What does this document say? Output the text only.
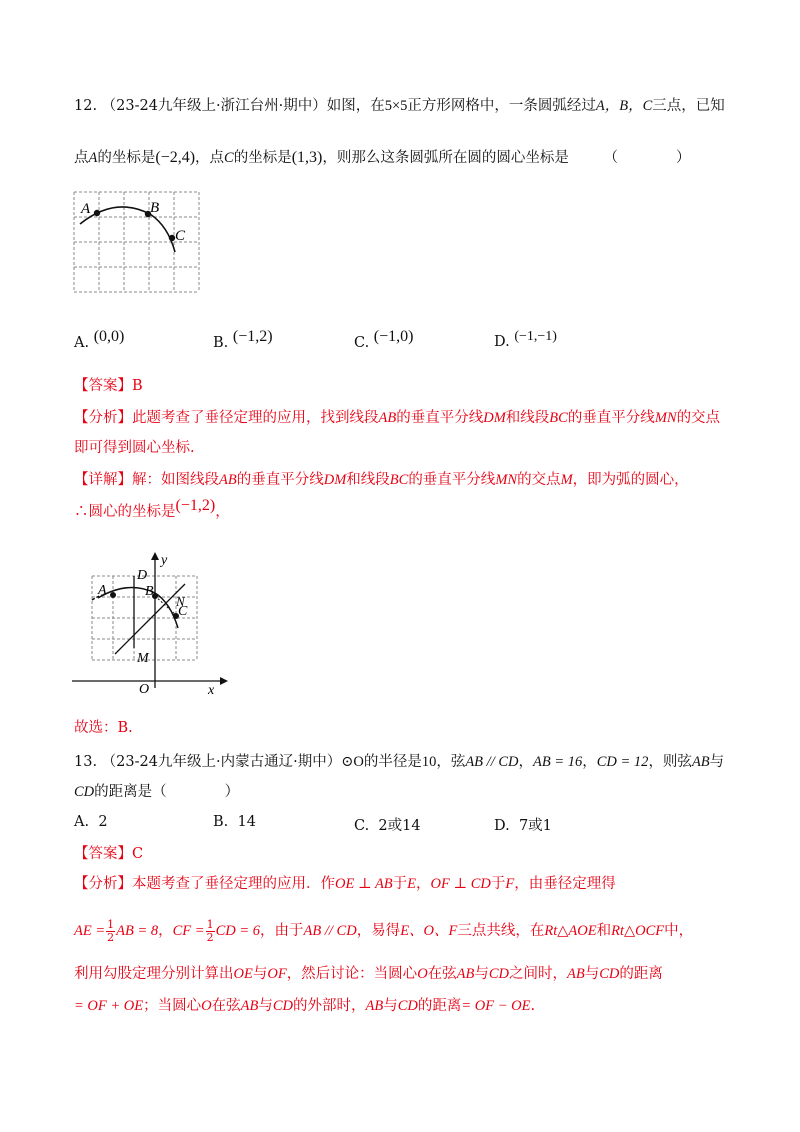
12. （23-24九年级上·浙江台州·期中）如图，在5×5正方形网格中，一条圆弧经过A，B，C三点，已知
点A的坐标是(−2,4)，点C的坐标是(1,3)，则那么这条圆弧所在圆的圆心坐标是 （　　　　）
A	B
C
A. (0,0)	B. (−1,2)	C. (−1,0)	D. (−1,−1)
【答案】B
【分析】此题考查了垂径定理的应用，找到线段AB的垂直平分线DM和线段BC的垂直平分线MN的交点
即可得到圆心坐标.
【详解】解：如图线段AB的垂直平分线DM和线段BC的垂直平分线MN的交点M，即为弧的圆心，
∴圆心的坐标是(−1,2)，
A	B
C
D
M
N
O	x
y
故选：B.
13. （23-24九年级上·内蒙古通辽·期中）⊙O的半径是10，弦AB // CD，AB = 16，CD = 12，则弦AB与
CD的距离是（　　　　）
A. 2	B. 14	C. 2或14	D. 7或1
【答案】C
【分析】本题考查了垂径定理的应用．作OE ⊥ AB于E，OF ⊥ CD于F，由垂径定理得
AE = $\frac{1}{2}$ AB = 8，CF = $\frac{1}{2}$ CD = 6，由于AB // CD，易得E、O、F三点共线，在Rt△AOE和Rt△OCF中，
利用勾股定理分别计算出OE与OF，然后讨论：当圆心O在弦AB与CD之间时，AB与CD的距离
= OF + OE；当圆心O在弦AB与CD的外部时，AB与CD的距离= OF − OE.
